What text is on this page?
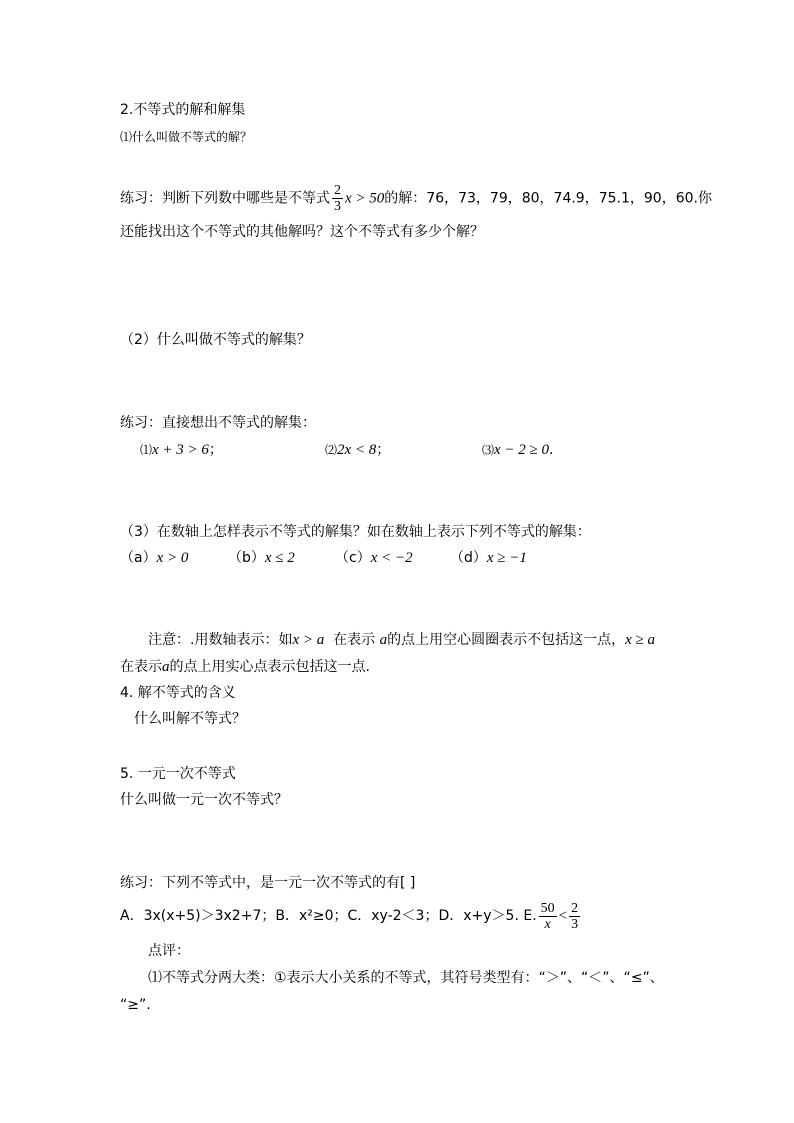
2.不等式的解和解集
⑴什么叫做不等式的解？
练习：判断下列数中哪些是不等式 $\frac{2}{3}$ x > 50的解：76，73，79，80，74.9，75.1，90，60.你
还能找出这个不等式的其他解吗？这个不等式有多少个解？
（2）什么叫做不等式的解集？
练习：直接想出不等式的解集：
⑴x + 3 > 6；	⑵2x < 8；	⑶x − 2 ≥ 0.
（3）在数轴上怎样表示不等式的解集？如在数轴上表示下列不等式的解集：
（a）x > 0	（b）x ≤ 2	（c）x < −2	（d）x ≥ −1
注意：.用数轴表示：如x > a 在表示 a的点上用空心圆圈表示不包括这一点，x ≥ a
在表示a的点上用实心点表示包括这一点.
4. 解不等式的含义
什么叫解不等式？
5. 一元一次不等式
什么叫做一元一次不等式？
练习：下列不等式中，是一元一次不等式的有[ ]
A．3x(x+5)＞3x2+7；B．x²≥0；C．xy-2＜3；D．x+y＞5. E. $\frac{50}{x} < \frac{2}{3}$
点评：
⑴不等式分两大类：①表示大小关系的不等式，其符号类型有：“＞”、“＜”、“≤”、
“≥”.
